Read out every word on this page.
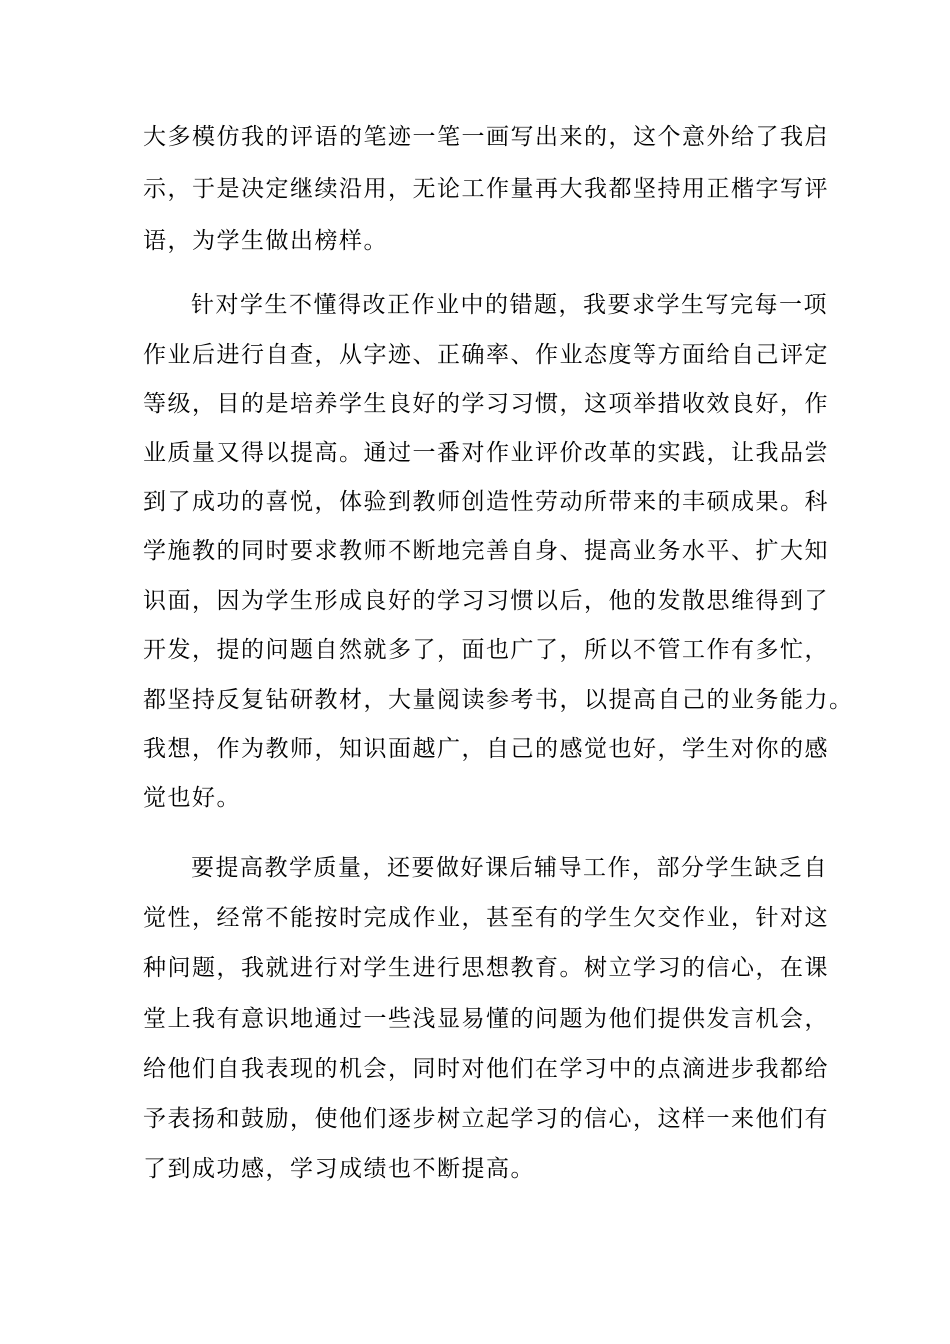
大多模仿我的评语的笔迹一笔一画写出来的，这个意外给了我启
示，于是决定继续沿用，无论工作量再大我都坚持用正楷字写评
语，为学生做出榜样。
针对学生不懂得改正作业中的错题，我要求学生写完每一项
作业后进行自查，从字迹、正确率、作业态度等方面给自己评定
等级，目的是培养学生良好的学习习惯，这项举措收效良好，作
业质量又得以提高。通过一番对作业评价改革的实践，让我品尝
到了成功的喜悦，体验到教师创造性劳动所带来的丰硕成果。科
学施教的同时要求教师不断地完善自身、提高业务水平、扩大知
识面，因为学生形成良好的学习习惯以后，他的发散思维得到了
开发，提的问题自然就多了，面也广了，所以不管工作有多忙，
都坚持反复钻研教材，大量阅读参考书，以提高自己的业务能力。
我想，作为教师，知识面越广，自己的感觉也好，学生对你的感
觉也好。
要提高教学质量，还要做好课后辅导工作，部分学生缺乏自
觉性，经常不能按时完成作业，甚至有的学生欠交作业，针对这
种问题，我就进行对学生进行思想教育。树立学习的信心，在课
堂上我有意识地通过一些浅显易懂的问题为他们提供发言机会，
给他们自我表现的机会，同时对他们在学习中的点滴进步我都给
予表扬和鼓励，使他们逐步树立起学习的信心，这样一来他们有
了到成功感，学习成绩也不断提高。
